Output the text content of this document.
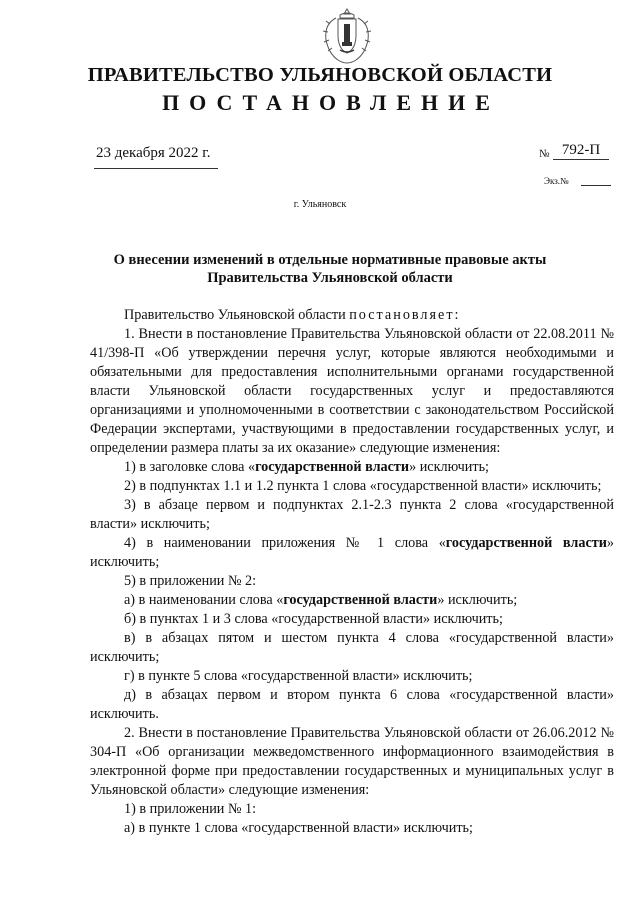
ПРАВИТЕЛЬСТВО УЛЬЯНОВСКОЙ ОБЛАСТИ
ПОСТАНОВЛЕНИЕ
23 декабря 2022 г.	№ 792-П
Экз.№
г. Ульяновск
О внесении изменений в отдельные нормативные правовые акты
Правительства Ульяновской области

Правительство Ульяновской области постановляет:

1. Внести в постановление Правительства Ульяновской области от 22.08.2011 № 41/398-П «Об утверждении перечня услуг, которые являются необходимыми и обязательными для предоставления исполнительными органами государственной власти Ульяновской области государственных услуг и предоставляются организациями и уполномоченными в соответствии с законодательством Российской Федерации экспертами, участвующими в предоставлении государственных услуг, и определении размера платы за их оказание» следующие изменения:

1) в заголовке слова «государственной власти» исключить;

2) в подпунктах 1.1 и 1.2 пункта 1 слова «государственной власти» исключить;

3) в абзаце первом и подпунктах 2.1-2.3 пункта 2 слова «государственной власти» исключить;

4) в наименовании приложения № 1 слова «государственной власти» исключить;

5) в приложении № 2:

а) в наименовании слова «государственной власти» исключить;

б) в пунктах 1 и 3 слова «государственной власти» исключить;

в) в абзацах пятом и шестом пункта 4 слова «государственной власти» исключить;

г) в пункте 5 слова «государственной власти» исключить;

д) в абзацах первом и втором пункта 6 слова «государственной власти» исключить.

2. Внести в постановление Правительства Ульяновской области от 26.06.2012 № 304-П «Об организации межведомственного информационного взаимодействия в электронной форме при предоставлении государственных и муниципальных услуг в Ульяновской области» следующие изменения:

1) в приложении № 1:

а) в пункте 1 слова «государственной власти» исключить;
